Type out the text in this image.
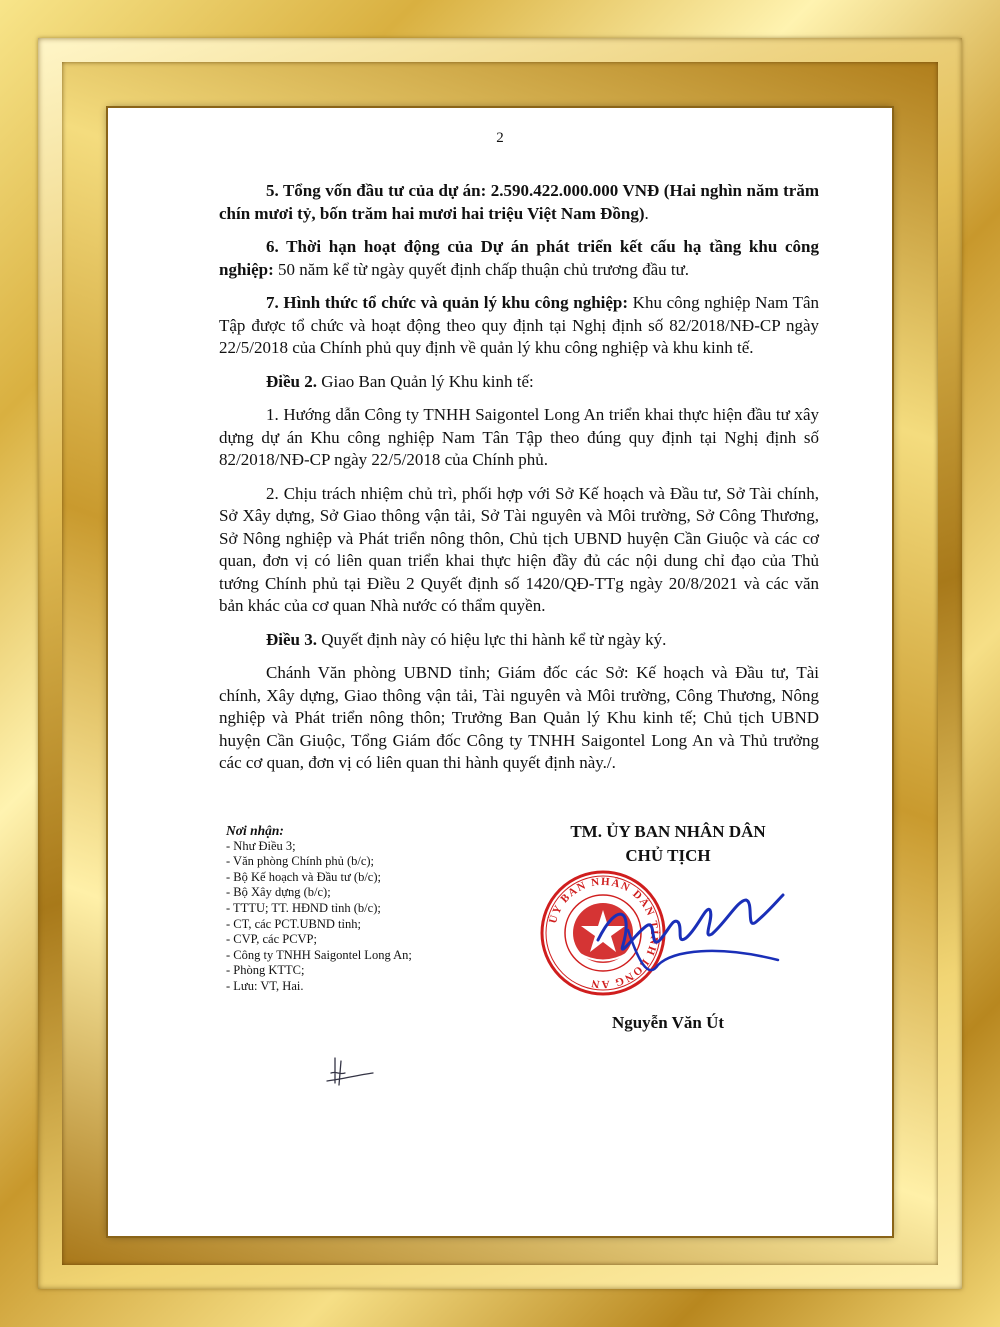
2

5. Tổng vốn đầu tư của dự án: 2.590.422.000.000 VNĐ (Hai nghìn năm trăm chín mươi tỷ, bốn trăm hai mươi hai triệu Việt Nam Đồng).

6. Thời hạn hoạt động của Dự án phát triển kết cấu hạ tầng khu công nghiệp: 50 năm kể từ ngày quyết định chấp thuận chủ trương đầu tư.

7. Hình thức tổ chức và quản lý khu công nghiệp: Khu công nghiệp Nam Tân Tập được tổ chức và hoạt động theo quy định tại Nghị định số 82/2018/NĐ-CP ngày 22/5/2018 của Chính phủ quy định về quản lý khu công nghiệp và khu kinh tế.

Điều 2. Giao Ban Quản lý Khu kinh tế:

1. Hướng dẫn Công ty TNHH Saigontel Long An triển khai thực hiện đầu tư xây dựng dự án Khu công nghiệp Nam Tân Tập theo đúng quy định tại Nghị định số 82/2018/NĐ-CP ngày 22/5/2018 của Chính phủ.

2. Chịu trách nhiệm chủ trì, phối hợp với Sở Kế hoạch và Đầu tư, Sở Tài chính, Sở Xây dựng, Sở Giao thông vận tải, Sở Tài nguyên và Môi trường, Sở Công Thương, Sở Nông nghiệp và Phát triển nông thôn, Chủ tịch UBND huyện Cần Giuộc và các cơ quan, đơn vị có liên quan triển khai thực hiện đầy đủ các nội dung chỉ đạo của Thủ tướng Chính phủ tại Điều 2 Quyết định số 1420/QĐ-TTg ngày 20/8/2021 và các văn bản khác của cơ quan Nhà nước có thẩm quyền.

Điều 3. Quyết định này có hiệu lực thi hành kể từ ngày ký.

Chánh Văn phòng UBND tỉnh; Giám đốc các Sở: Kế hoạch và Đầu tư, Tài chính, Xây dựng, Giao thông vận tải, Tài nguyên và Môi trường, Công Thương, Nông nghiệp và Phát triển nông thôn; Trưởng Ban Quản lý Khu kinh tế; Chủ tịch UBND huyện Cần Giuộc, Tổng Giám đốc Công ty TNHH Saigontel Long An và Thủ trưởng các cơ quan, đơn vị có liên quan thi hành quyết định này./.

Nơi nhận:
- Như Điều 3;
- Văn phòng Chính phủ (b/c);
- Bộ Kế hoạch và Đầu tư (b/c);
- Bộ Xây dựng (b/c);
- TTTU; TT. HĐND tỉnh (b/c);
- CT, các PCT.UBND tỉnh;
- CVP, các PCVP;
- Công ty TNHH Saigontel Long An;
- Phòng KTTC;
- Lưu: VT, Hai.
TM. ỦY BAN NHÂN DÂN
CHỦ TỊCH
ỦY BAN NHÂN DÂN TỈNH LONG AN
Nguyễn Văn Út
